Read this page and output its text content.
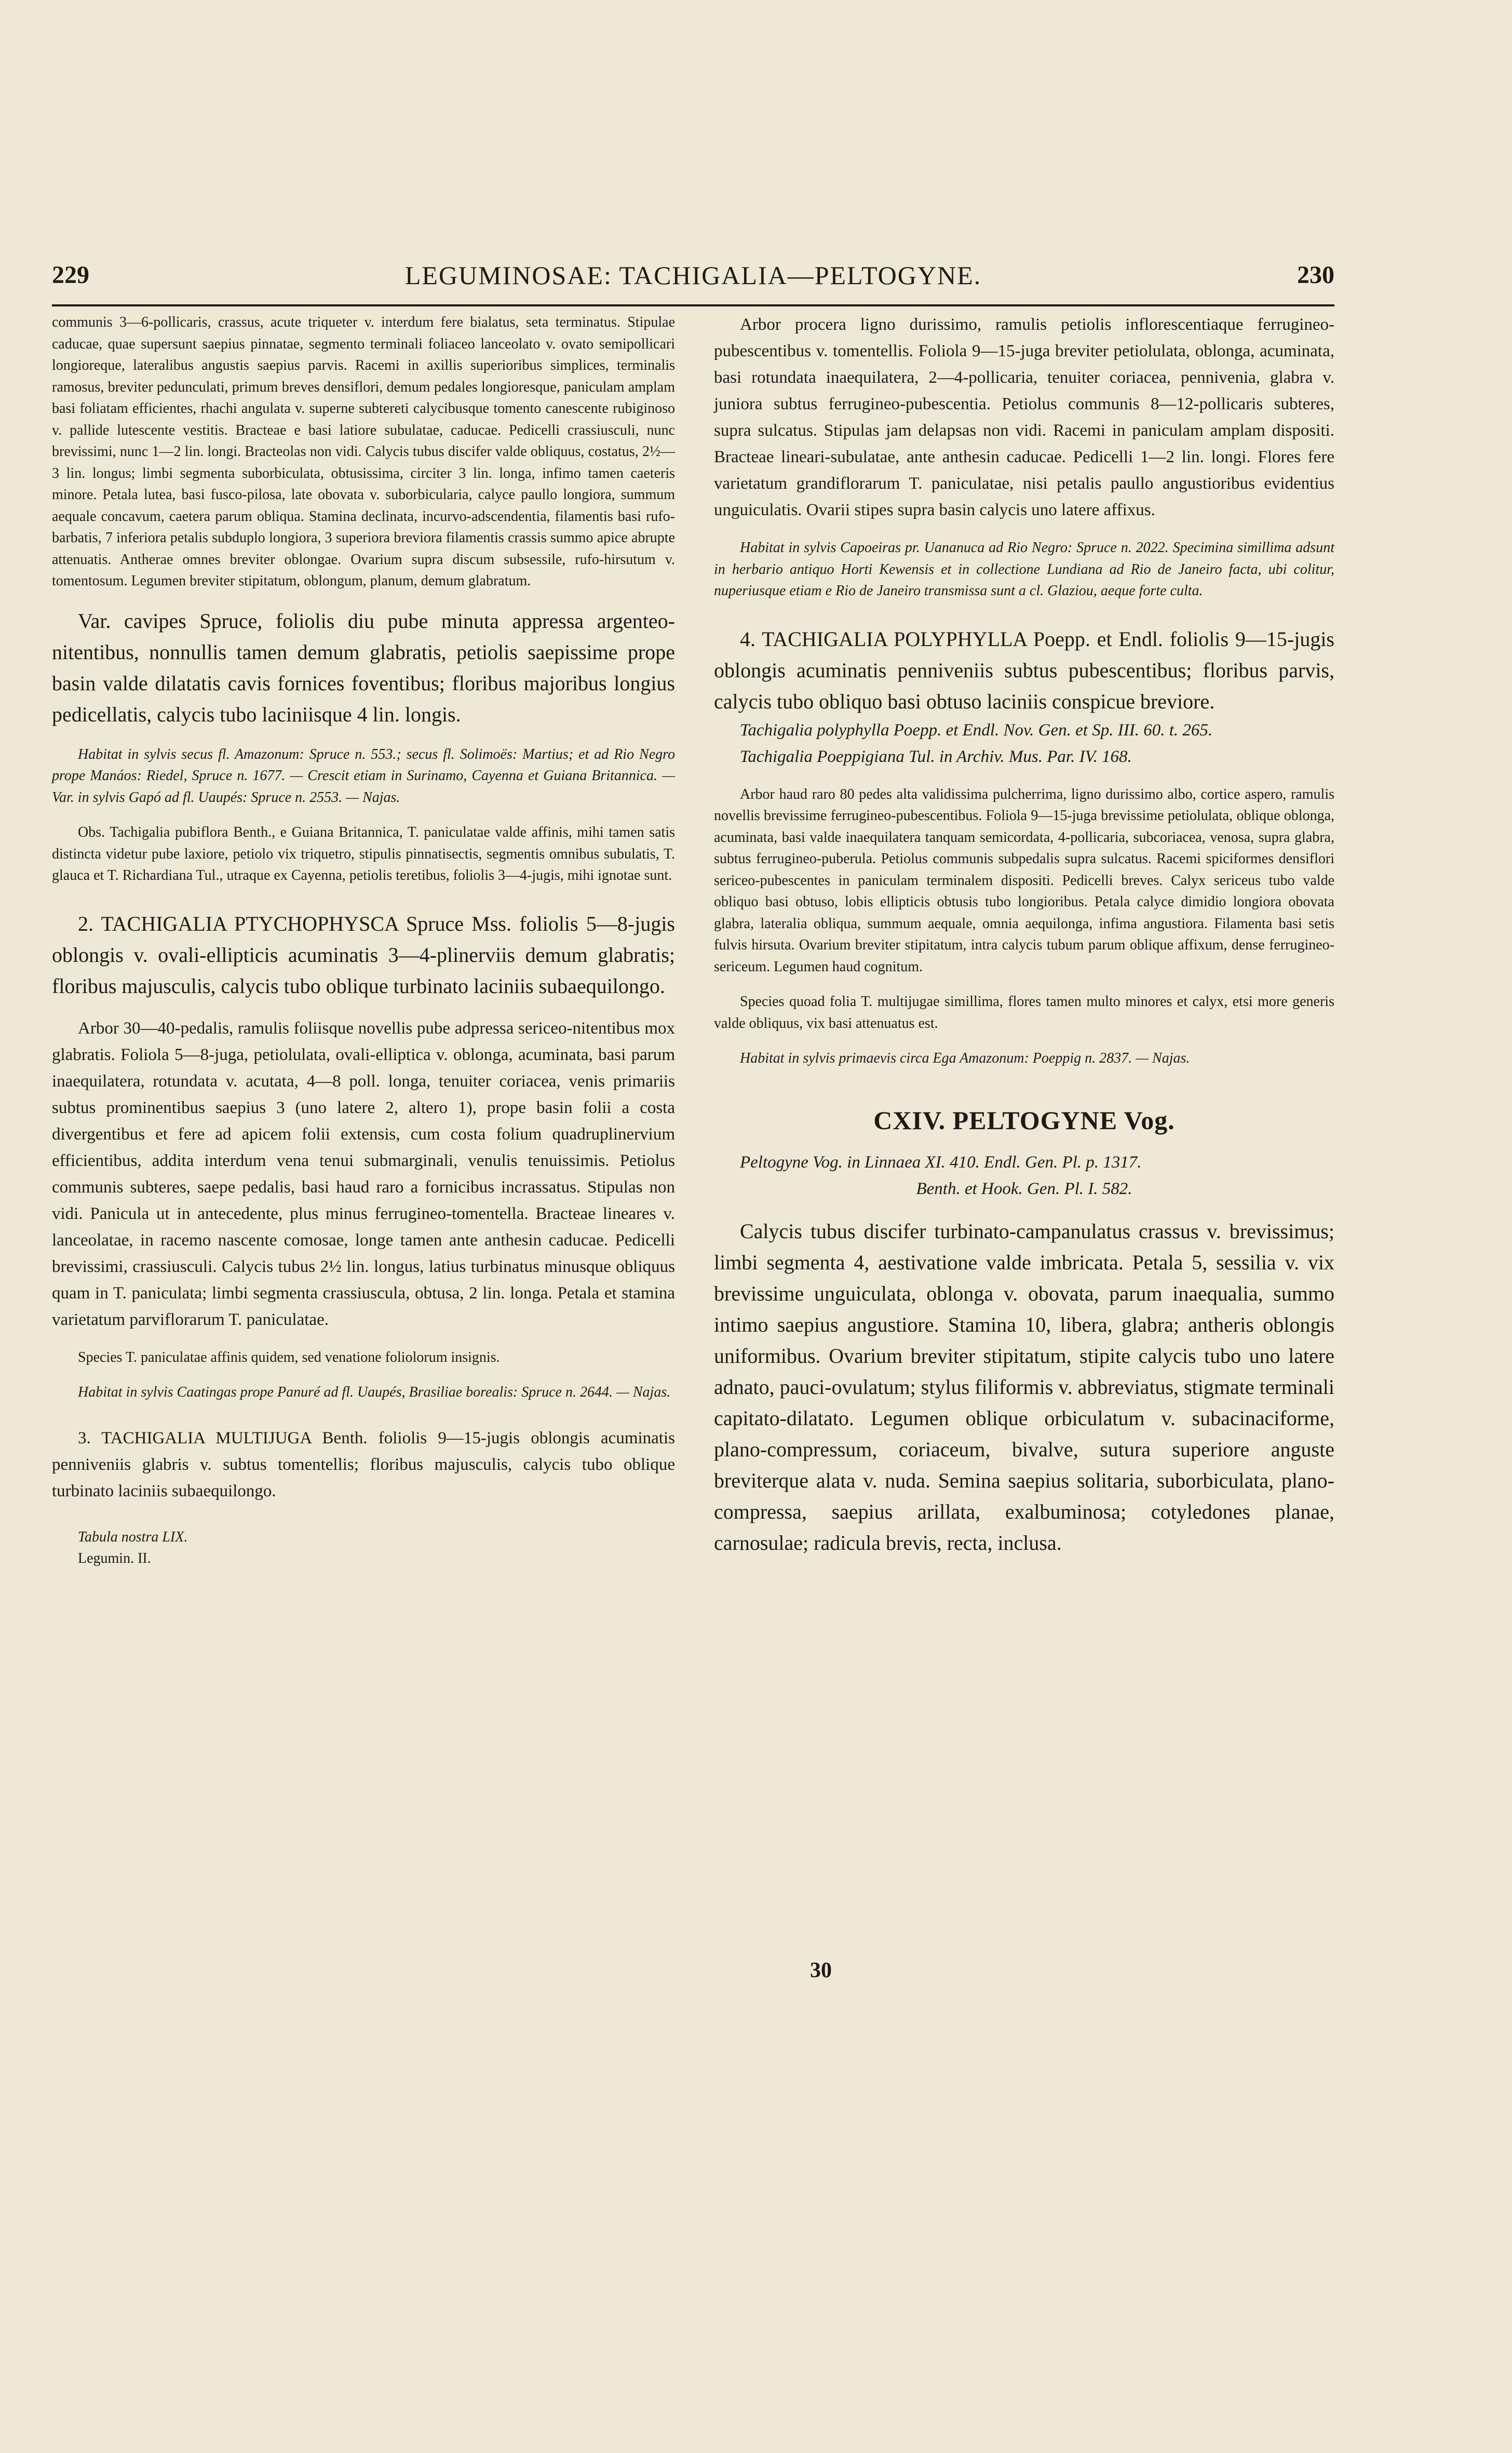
229	LEGUMINOSAE: TACHIGALIA—PELTOGYNE.	230

communis 3—6-pollicaris, crassus, acute triqueter v. interdum fere bialatus, seta terminatus. Stipulae caducae, quae supersunt saepius pinnatae, segmento terminali foliaceo lanceolato v. ovato semipollicari longioreque, lateralibus angustis saepius parvis. Racemi in axillis superioribus simplices, terminalis ramosus, breviter pedunculati, primum breves densiflori, demum pedales longioresque, paniculam amplam basi foliatam efficientes, rhachi angulata v. superne subtereti calycibusque tomento canescente rubiginoso v. pallide lutescente vestitis. Bracteae e basi latiore subulatae, caducae. Pedicelli crassiusculi, nunc brevissimi, nunc 1—2 lin. longi. Bracteolas non vidi. Calycis tubus discifer valde obliquus, costatus, 2½—3 lin. longus; limbi segmenta suborbiculata, obtusissima, circiter 3 lin. longa, infimo tamen caeteris minore. Petala lutea, basi fusco-pilosa, late obovata v. suborbicularia, calyce paullo longiora, summum aequale concavum, caetera parum obliqua. Stamina declinata, incurvo-adscendentia, filamentis basi rufo-barbatis, 7 inferiora petalis subduplo longiora, 3 superiora breviora filamentis crassis summo apice abrupte attenuatis. Antherae omnes breviter oblongae. Ovarium supra discum subsessile, rufo-hirsutum v. tomentosum. Legumen breviter stipitatum, oblongum, planum, demum glabratum.

Var. cavipes Spruce, foliolis diu pube minuta appressa argenteo-nitentibus, nonnullis tamen demum glabratis, petiolis saepissime prope basin valde dilatatis cavis fornices foventibus; floribus majoribus longius pedicellatis, calycis tubo laciniisque 4 lin. longis.

Habitat in sylvis secus fl. Amazonum: Spruce n. 553.; secus fl. Solimoës: Martius; et ad Rio Negro prope Manáos: Riedel, Spruce n. 1677. — Crescit etiam in Surinamo, Cayenna et Guiana Britannica. — Var. in sylvis Gapó ad fl. Uaupés: Spruce n. 2553. — Najas.

Obs. Tachigalia pubiflora Benth., e Guiana Britannica, T. paniculatae valde affinis, mihi tamen satis distincta videtur pube laxiore, petiolo vix triquetro, stipulis pinnatisectis, segmentis omnibus subulatis, T. glauca et T. Richardiana Tul., utraque ex Cayenna, petiolis teretibus, foliolis 3—4-jugis, mihi ignotae sunt.

2. TACHIGALIA PTYCHOPHYSCA Spruce Mss. foliolis 5—8-jugis oblongis v. ovali-ellipticis acuminatis 3—4-plinerviis demum glabratis; floribus majusculis, calycis tubo oblique turbinato laciniis subaequilongo.

Arbor 30—40-pedalis, ramulis foliisque novellis pube adpressa sericeo-nitentibus mox glabratis. Foliola 5—8-juga, petiolulata, ovali-elliptica v. oblonga, acuminata, basi parum inaequilatera, rotundata v. acutata, 4—8 poll. longa, tenuiter coriacea, venis primariis subtus prominentibus saepius 3 (uno latere 2, altero 1), prope basin folii a costa divergentibus et fere ad apicem folii extensis, cum costa folium quadruplinervium efficientibus, addita interdum vena tenui submarginali, venulis tenuissimis. Petiolus communis subteres, saepe pedalis, basi haud raro a fornicibus incrassatus. Stipulas non vidi. Panicula ut in antecedente, plus minus ferrugineo-tomentella. Bracteae lineares v. lanceolatae, in racemo nascente comosae, longe tamen ante anthesin caducae. Pedicelli brevissimi, crassiusculi. Calycis tubus 2½ lin. longus, latius turbinatus minusque obliquus quam in T. paniculata; limbi segmenta crassiuscula, obtusa, 2 lin. longa. Petala et stamina varietatum parviflorarum T. paniculatae.

Species T. paniculatae affinis quidem, sed venatione foliolorum insignis.

Habitat in sylvis Caatingas prope Panuré ad fl. Uaupés, Brasiliae borealis: Spruce n. 2644. — Najas.

3. TACHIGALIA MULTIJUGA Benth. foliolis 9—15-jugis oblongis acuminatis penniveniis glabris v. subtus tomentellis; floribus majusculis, calycis tubo oblique turbinato laciniis subaequilongo.

Tabula nostra LIX.

Legumin. II.

Arbor procera ligno durissimo, ramulis petiolis inflorescentiaque ferrugineo-pubescentibus v. tomentellis. Foliola 9—15-juga breviter petiolulata, oblonga, acuminata, basi rotundata inaequilatera, 2—4-pollicaria, tenuiter coriacea, pennivenia, glabra v. juniora subtus ferrugineo-pubescentia. Petiolus communis 8—12-pollicaris subteres, supra sulcatus. Stipulas jam delapsas non vidi. Racemi in paniculam amplam dispositi. Bracteae lineari-subulatae, ante anthesin caducae. Pedicelli 1—2 lin. longi. Flores fere varietatum grandiflorarum T. paniculatae, nisi petalis paullo angustioribus evidentius unguiculatis. Ovarii stipes supra basin calycis uno latere affixus.

Habitat in sylvis Capoeiras pr. Uananuca ad Rio Negro: Spruce n. 2022. Specimina simillima adsunt in herbario antiquo Horti Kewensis et in collectione Lundiana ad Rio de Janeiro facta, ubi colitur, nuperiusque etiam e Rio de Janeiro transmissa sunt a cl. Glaziou, aeque forte culta.

4. TACHIGALIA POLYPHYLLA Poepp. et Endl. foliolis 9—15-jugis oblongis acuminatis penniveniis subtus pubescentibus; floribus parvis, calycis tubo obliquo basi obtuso laciniis conspicue breviore.

Tachigalia polyphylla Poepp. et Endl. Nov. Gen. et Sp. III. 60. t. 265.

Tachigalia Poeppigiana Tul. in Archiv. Mus. Par. IV. 168.

Arbor haud raro 80 pedes alta validissima pulcherrima, ligno durissimo albo, cortice aspero, ramulis novellis brevissime ferrugineo-pubescentibus. Foliola 9—15-juga brevissime petiolulata, oblique oblonga, acuminata, basi valde inaequilatera tanquam semicordata, 4-pollicaria, subcoriacea, venosa, supra glabra, subtus ferrugineo-puberula. Petiolus communis subpedalis supra sulcatus. Racemi spiciformes densiflori sericeo-pubescentes in paniculam terminalem dispositi. Pedicelli breves. Calyx sericeus tubo valde obliquo basi obtuso, lobis ellipticis obtusis tubo longioribus. Petala calyce dimidio longiora obovata glabra, lateralia obliqua, summum aequale, omnia aequilonga, infima angustiora. Filamenta basi setis fulvis hirsuta. Ovarium breviter stipitatum, intra calycis tubum parum oblique affixum, dense ferrugineo-sericeum. Legumen haud cognitum.

Species quoad folia T. multijugae simillima, flores tamen multo minores et calyx, etsi more generis valde obliquus, vix basi attenuatus est.

Habitat in sylvis primaevis circa Ega Amazonum: Poeppig n. 2837. — Najas.

CXIV. PELTOGYNE Vog.

Peltogyne Vog. in Linnaea XI. 410. Endl. Gen. Pl. p. 1317.

Benth. et Hook. Gen. Pl. I. 582.

Calycis tubus discifer turbinato-campanulatus crassus v. brevissimus; limbi segmenta 4, aestivatione valde imbricata. Petala 5, sessilia v. vix brevissime unguiculata, oblonga v. obovata, parum inaequalia, summo intimo saepius angustiore. Stamina 10, libera, glabra; antheris oblongis uniformibus. Ovarium breviter stipitatum, stipite calycis tubo uno latere adnato, pauci-ovulatum; stylus filiformis v. abbreviatus, stigmate terminali capitato-dilatato. Legumen oblique orbiculatum v. subacinaciforme, plano-compressum, coriaceum, bivalve, sutura superiore anguste breviterque alata v. nuda. Semina saepius solitaria, suborbiculata, plano-compressa, saepius arillata, exalbuminosa; cotyledones planae, carnosulae; radicula brevis, recta, inclusa.

30
